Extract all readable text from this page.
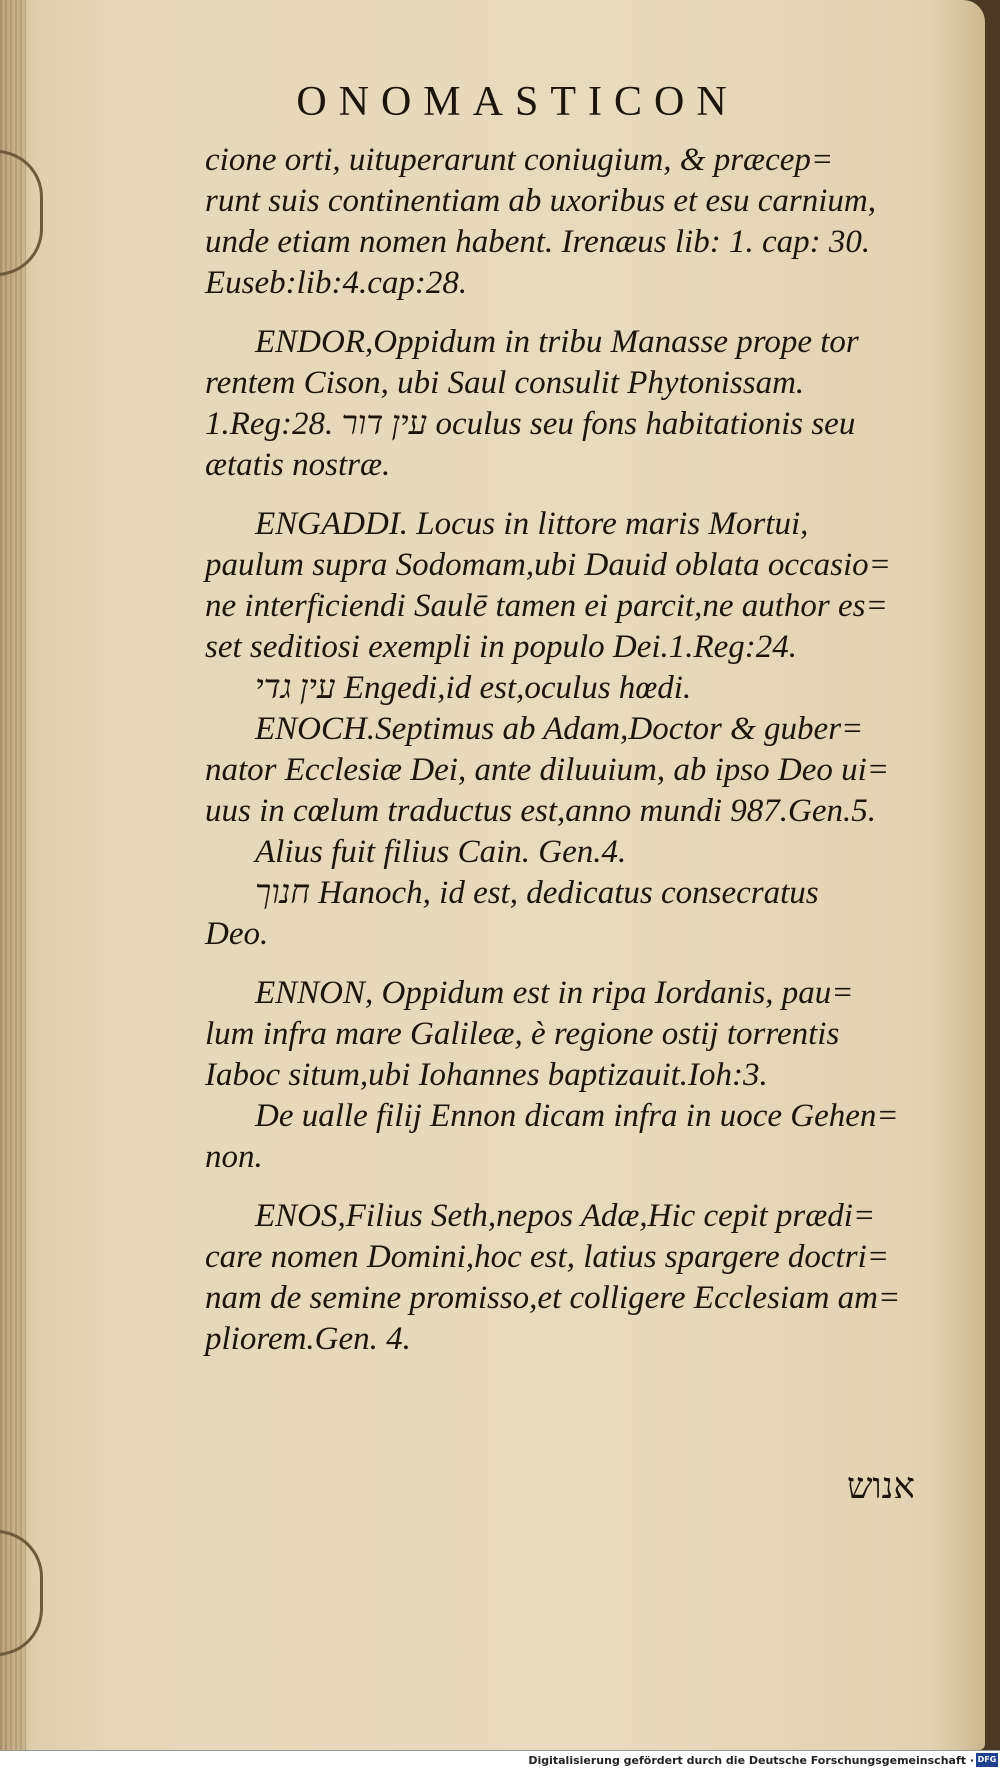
ONOMASTICON
cione orti, uituperarunt coniugium, & præcep=
runt suis continentiam ab uxoribus et esu carnium,
unde etiam nomen habent. Irenæus lib: 1. cap: 30.
Euseb:lib:4.cap:28.
ENDOR,Oppidum in tribu Manasse prope tor
rentem Cison, ubi Saul consulit Phytonissam.
1.Reg:28. עין דור oculus seu fons habitationis seu
ætatis nostræ.
ENGADDI. Locus in littore maris Mortui,
paulum supra Sodomam,ubi Dauid oblata occasio=
ne interficiendi Saulē tamen ei parcit,ne author es=
set seditiosi exempli in populo Dei.1.Reg:24.
עין גדי Engedi,id est,oculus hœdi.
ENOCH.Septimus ab Adam,Doctor & guber=
nator Ecclesiæ Dei, ante diluuium, ab ipso Deo ui=
uus in cœlum traductus est,anno mundi 987.Gen.5.
Alius fuit filius Cain. Gen.4.
חנוך Hanoch, id est, dedicatus consecratus
Deo.
ENNON, Oppidum est in ripa Iordanis, pau=
lum infra mare Galileæ, è regione ostij torrentis
Iaboc situm,ubi Iohannes baptizauit.Ioh:3.
De ualle filij Ennon dicam infra in uoce Gehen=
non.
ENOS,Filius Seth,nepos Adæ,Hic cepit prædi=
care nomen Domini,hoc est, latius spargere doctri=
nam de semine promisso,et colligere Ecclesiam am=
pliorem.Gen. 4.
אנוש
Digitalisierung gefördert durch die Deutsche Forschungsgemeinschaft · DFG
